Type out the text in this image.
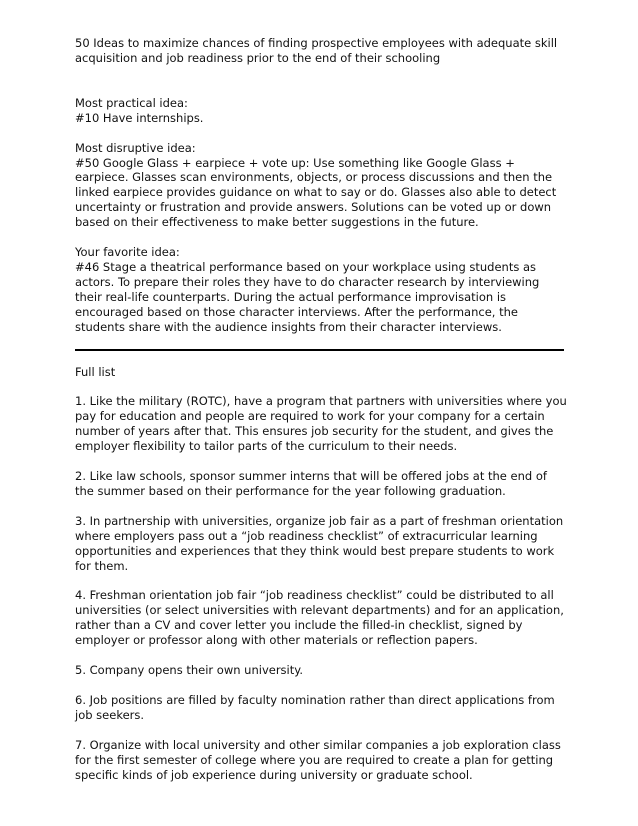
50 Ideas to maximize chances of finding prospective employees with adequate skill acquisition and job readiness prior to the end of their schooling

Most practical idea:

#10 Have internships.

Most disruptive idea:

#50 Google Glass + earpiece + vote up: Use something like Google Glass + earpiece. Glasses scan environments, objects, or process discussions and then the linked earpiece provides guidance on what to say or do. Glasses also able to detect uncertainty or frustration and provide answers. Solutions can be voted up or down based on their effectiveness to make better suggestions in the future.

Your favorite idea:

#46 Stage a theatrical performance based on your workplace using students as actors. To prepare their roles they have to do character research by interviewing their real-life counterparts. During the actual performance improvisation is encouraged based on those character interviews. After the performance, the students share with the audience insights from their character interviews.

Full list

1. Like the military (ROTC), have a program that partners with universities where you pay for education and people are required to work for your company for a certain number of years after that. This ensures job security for the student, and gives the employer flexibility to tailor parts of the curriculum to their needs.

2. Like law schools, sponsor summer interns that will be offered jobs at the end of the summer based on their performance for the year following graduation.

3. In partnership with universities, organize job fair as a part of freshman orientation where employers pass out a “job readiness checklist” of extracurricular learning opportunities and experiences that they think would best prepare students to work for them.

4. Freshman orientation job fair “job readiness checklist” could be distributed to all universities (or select universities with relevant departments) and for an application, rather than a CV and cover letter you include the filled-in checklist, signed by employer or professor along with other materials or reflection papers.

5. Company opens their own university.

6. Job positions are filled by faculty nomination rather than direct applications from job seekers.

7. Organize with local university and other similar companies a job exploration class for the first semester of college where you are required to create a plan for getting specific kinds of job experience during university or graduate school.
